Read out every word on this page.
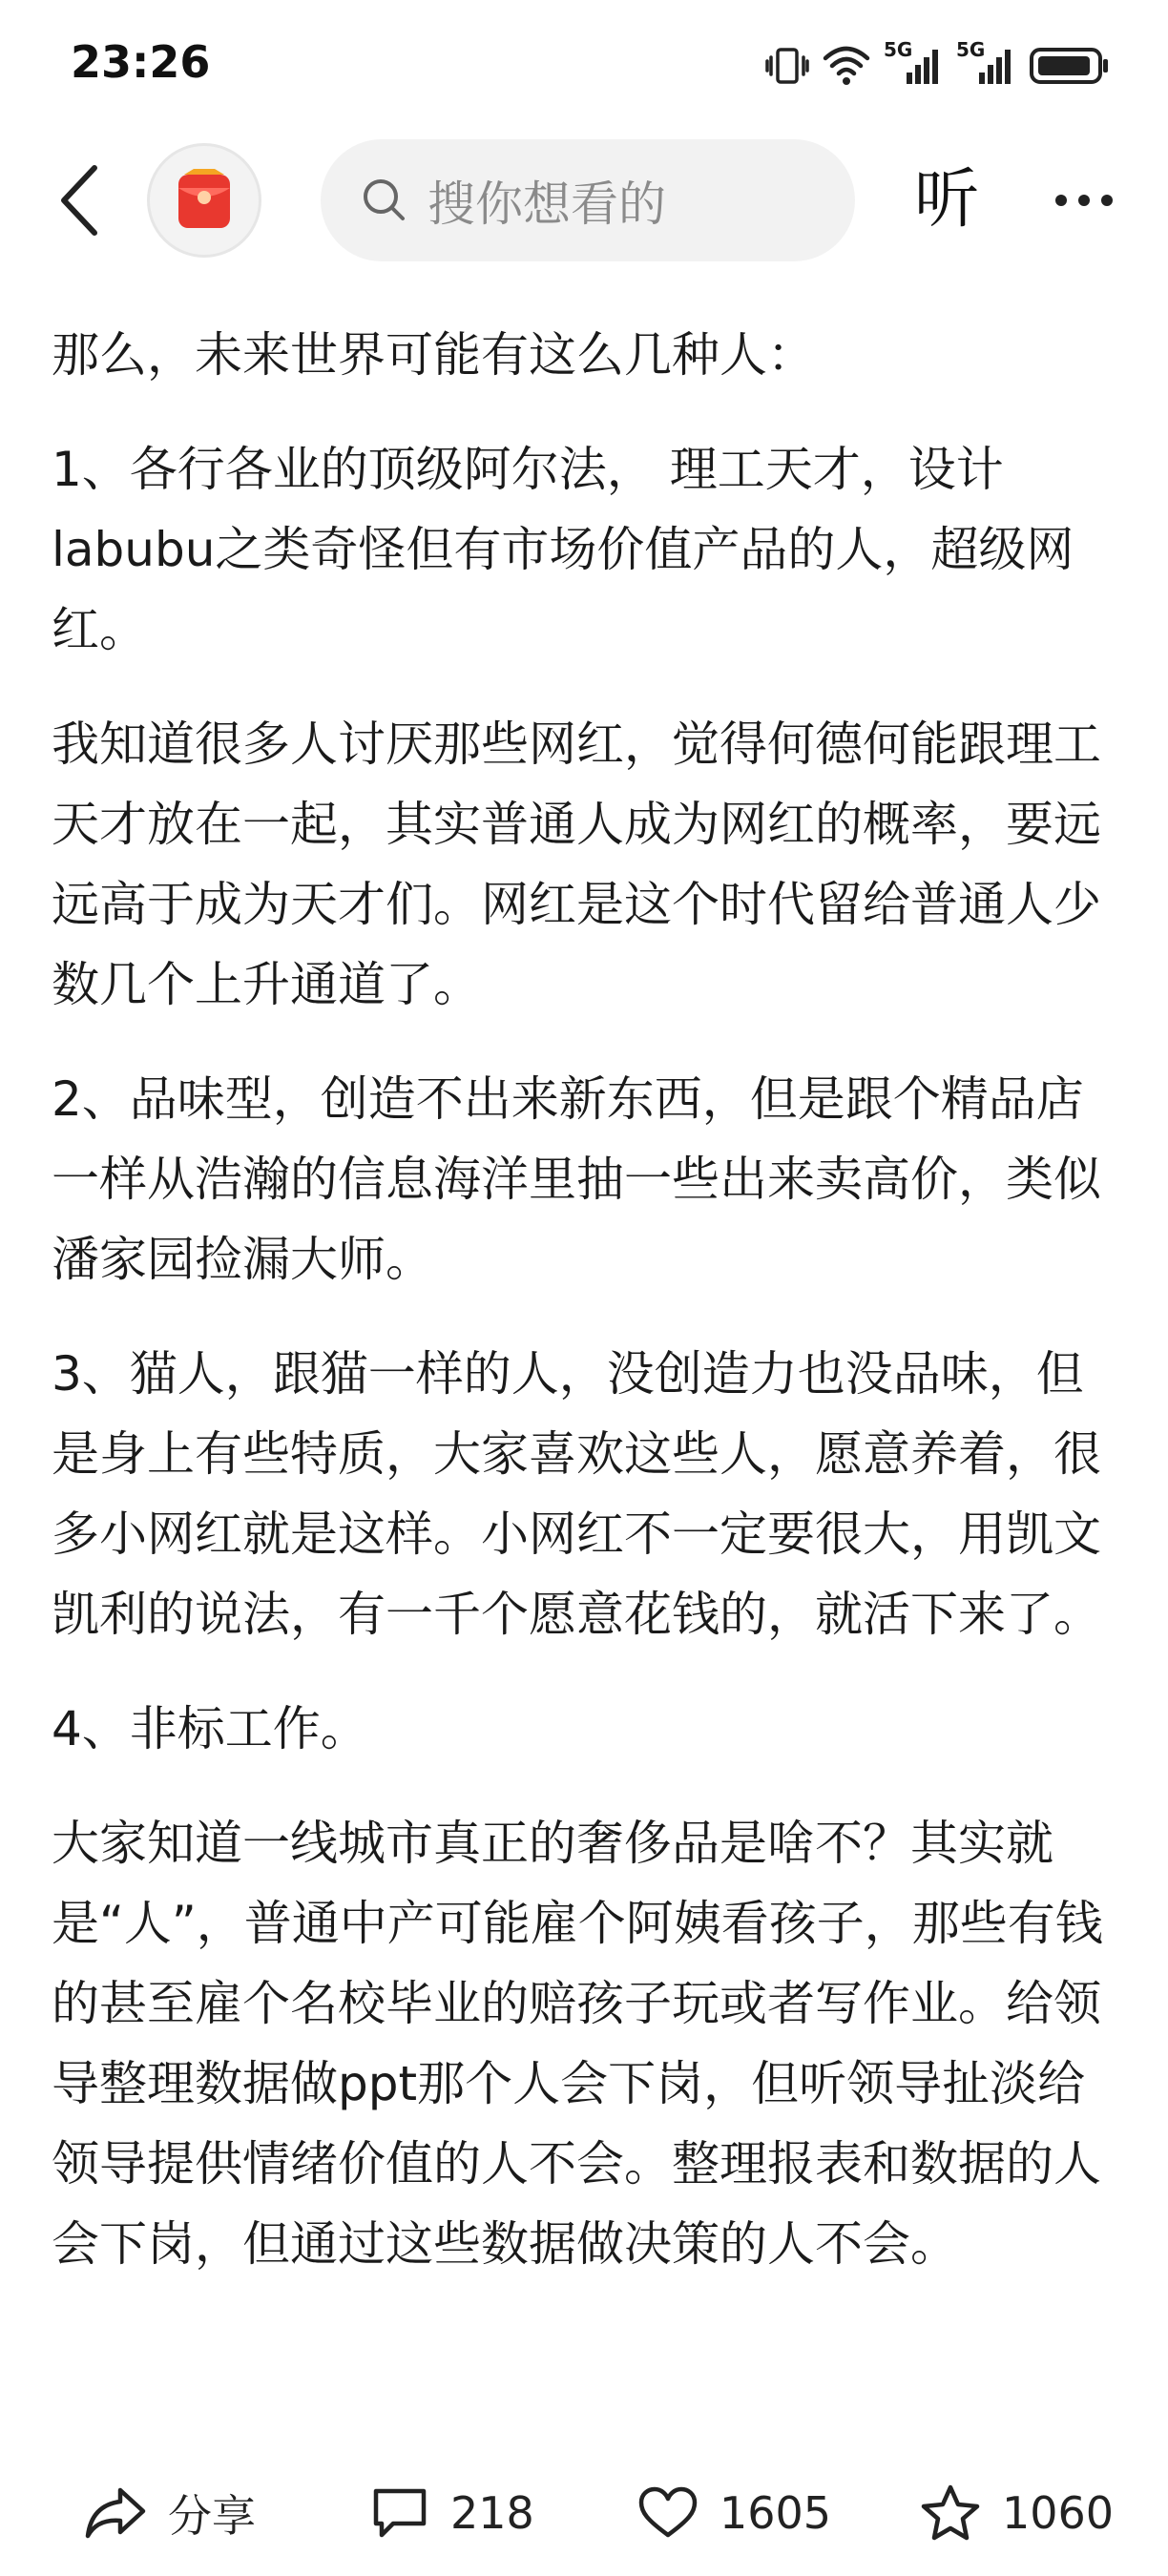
23:26	5G 5G
搜你想看的	听

那么，未来世界可能有这么几种人：

1、各行各业的顶级阿尔法， 理工天才，设计labubu之类奇怪但有市场价值产品的人，超级网红。

我知道很多人讨厌那些网红，觉得何德何能跟理工天才放在一起，其实普通人成为网红的概率，要远远高于成为天才们。网红是这个时代留给普通人少数几个上升通道了。

2、品味型，创造不出来新东西，但是跟个精品店一样从浩瀚的信息海洋里抽一些出来卖高价，类似潘家园捡漏大师。

3、猫人，跟猫一样的人，没创造力也没品味，但是身上有些特质，大家喜欢这些人，愿意养着，很多小网红就是这样。小网红不一定要很大，用凯文凯利的说法，有一千个愿意花钱的，就活下来了。

4、非标工作。

大家知道一线城市真正的奢侈品是啥不？其实就是“人”，普通中产可能雇个阿姨看孩子，那些有钱的甚至雇个名校毕业的赔孩子玩或者写作业。给领导整理数据做ppt那个人会下岗，但听领导扯淡给领导提供情绪价值的人不会。整理报表和数据的人会下岗，但通过这些数据做决策的人不会。

分享	218	1605	1060
